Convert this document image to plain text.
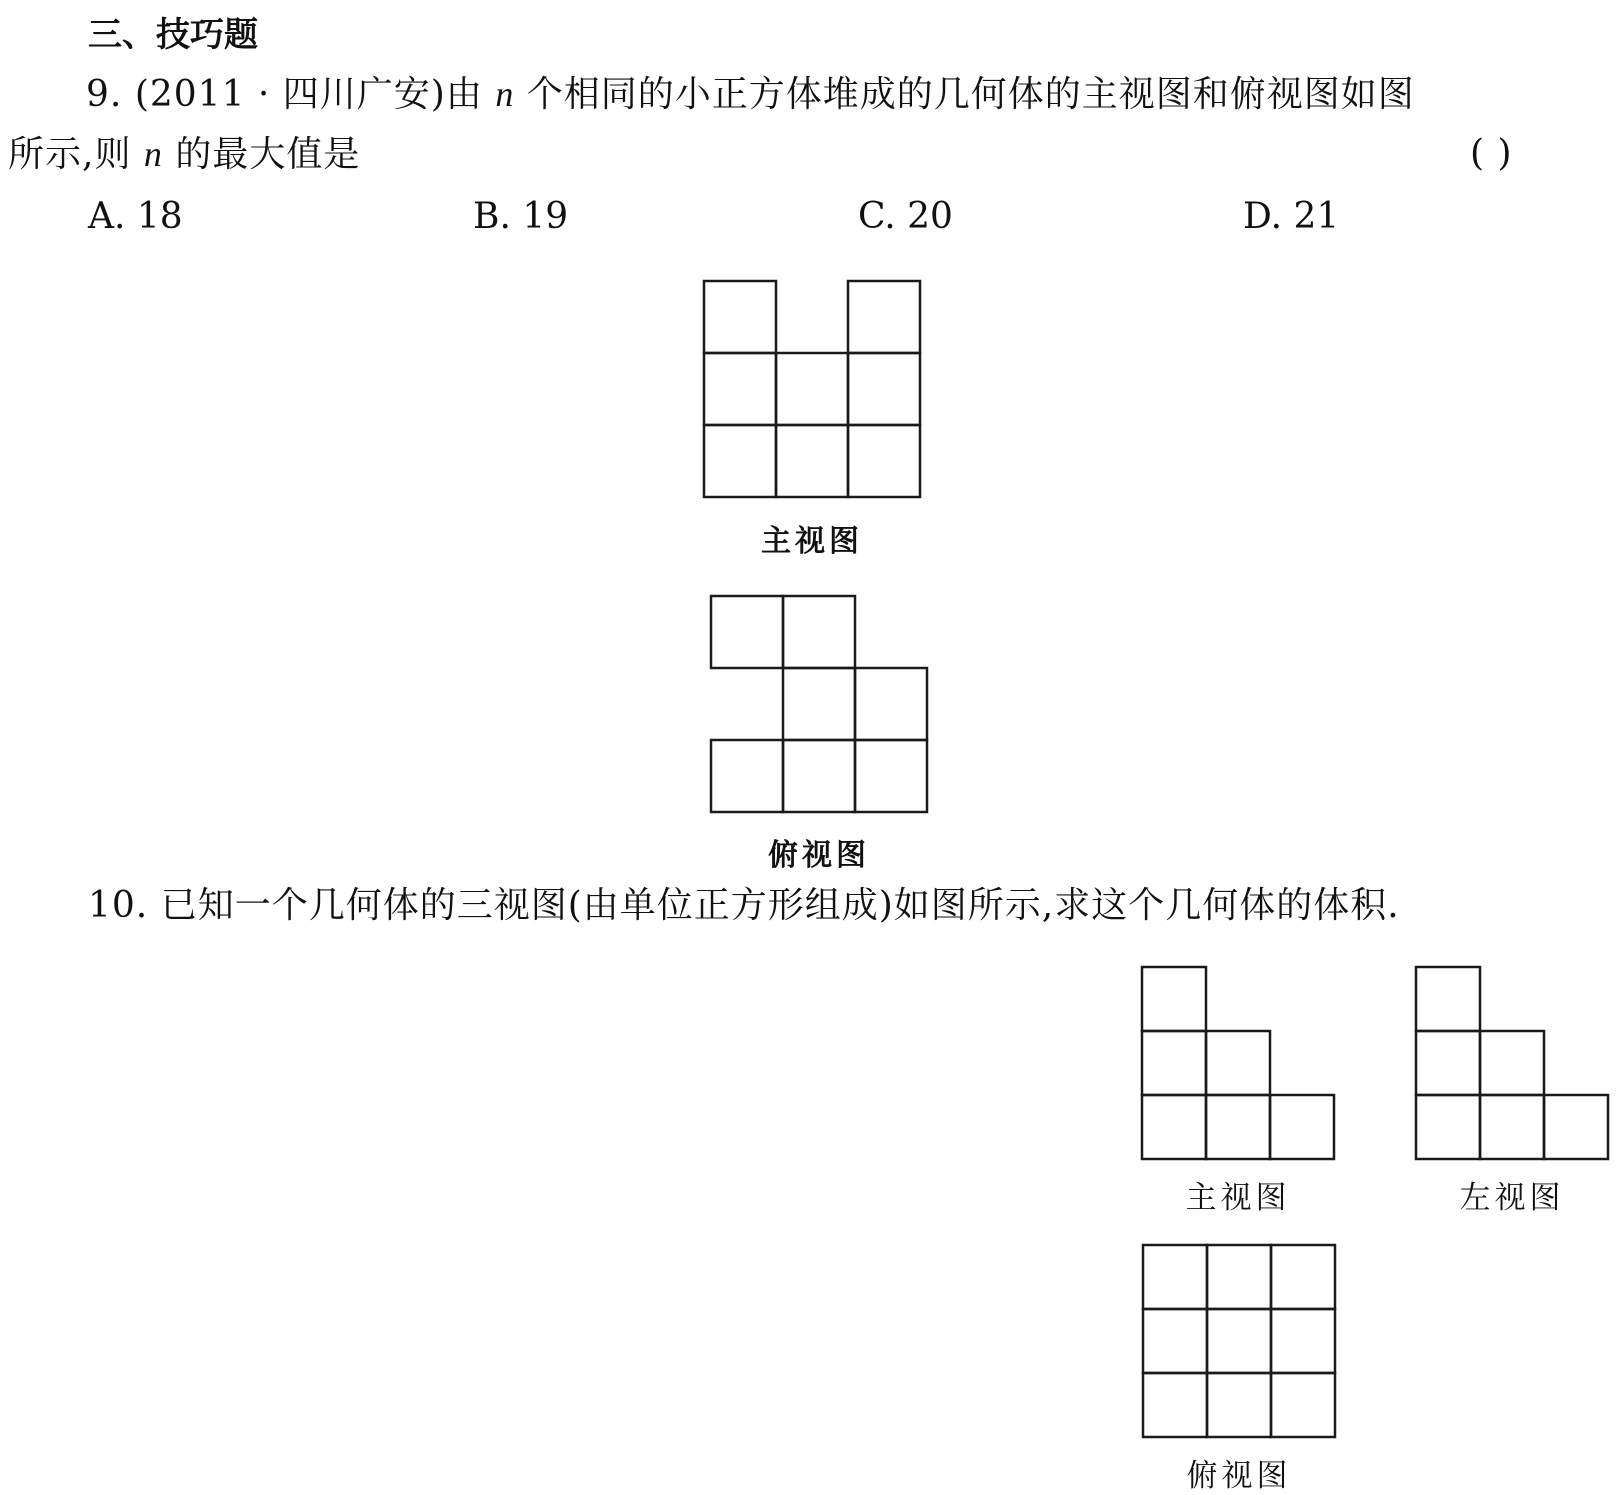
三、技巧题
9. (2011 · 四川广安)由 n 个相同的小正方体堆成的几何体的主视图和俯视图如图
所示,则 n 的最大值是	( )
A. 18	B. 19	C. 20	D. 21
主视图
俯视图
10. 已知一个几何体的三视图(由单位正方形组成)如图所示,求这个几何体的体积.
主视图	左视图
俯视图
